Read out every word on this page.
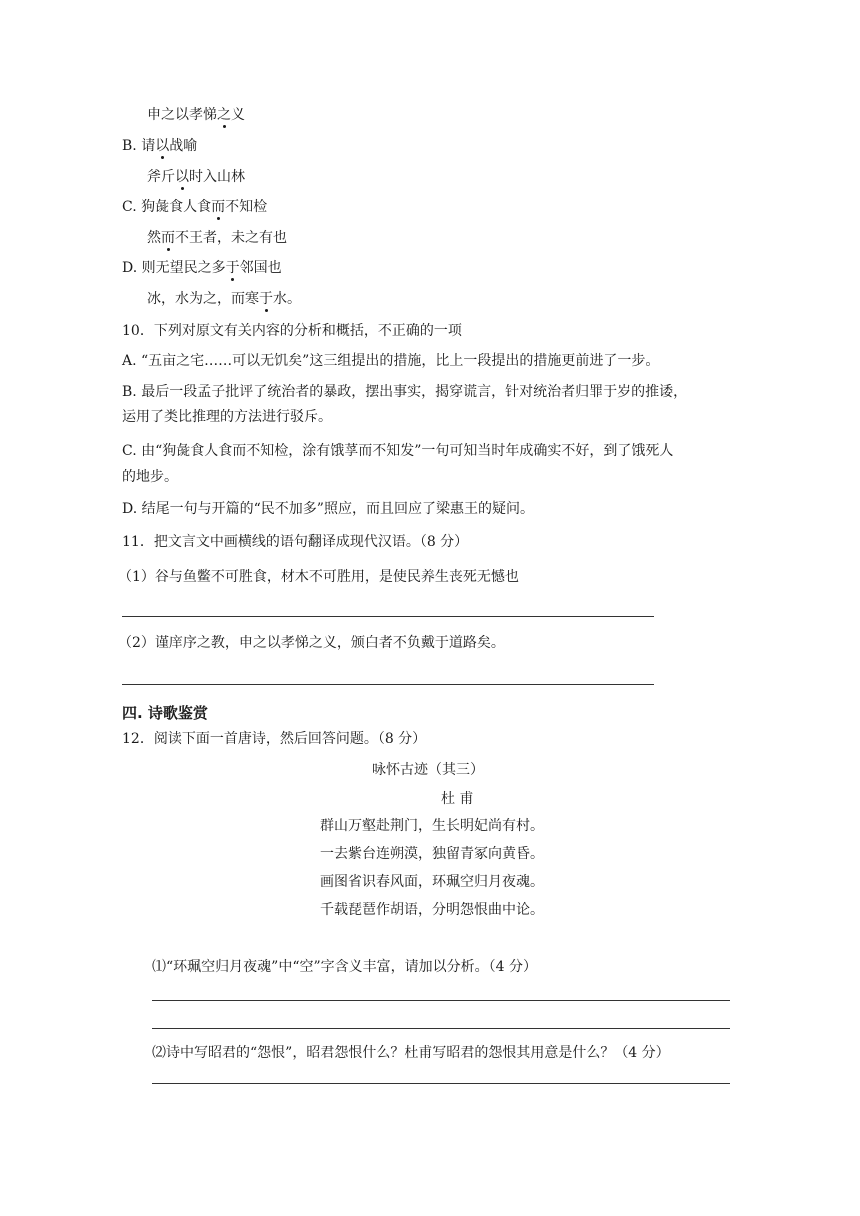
申之以孝悌之义
B. 请以战喻
斧斤以时入山林
C. 狗彘食人食而不知检
然而不王者，未之有也
D. 则无望民之多于邻国也
冰，水为之，而寒于水。
10．下列对原文有关内容的分析和概括，不正确的一项
A. “五亩之宅……可以无饥矣”这三组提出的措施，比上一段提出的措施更前进了一步。
B. 最后一段孟子批评了统治者的暴政，摆出事实，揭穿谎言，针对统治者归罪于岁的推诿，
运用了类比推理的方法进行驳斥。
C. 由“狗彘食人食而不知检，涂有饿莩而不知发”一句可知当时年成确实不好，到了饿死人
的地步。
D. 结尾一句与开篇的“民不加多”照应，而且回应了梁惠王的疑问。
11．把文言文中画横线的语句翻译成现代汉语。（8 分）
（1）谷与鱼鳖不可胜食，材木不可胜用，是使民养生丧死无憾也
（2）谨庠序之教，申之以孝悌之义，颁白者不负戴于道路矣。
四. 诗歌鉴赏
12．阅读下面一首唐诗，然后回答问题。（8 分）
咏怀古迹（其三）
杜 甫
群山万壑赴荆门，生长明妃尚有村。
一去紫台连朔漠，独留青冢向黄昏。
画图省识春风面，环珮空归月夜魂。
千载琵琶作胡语，分明怨恨曲中论。
⑴“环珮空归月夜魂”中“空”字含义丰富，请加以分析。（4 分）
⑵诗中写昭君的“怨恨”，昭君怨恨什么？杜甫写昭君的怨恨其用意是什么？（4 分）
